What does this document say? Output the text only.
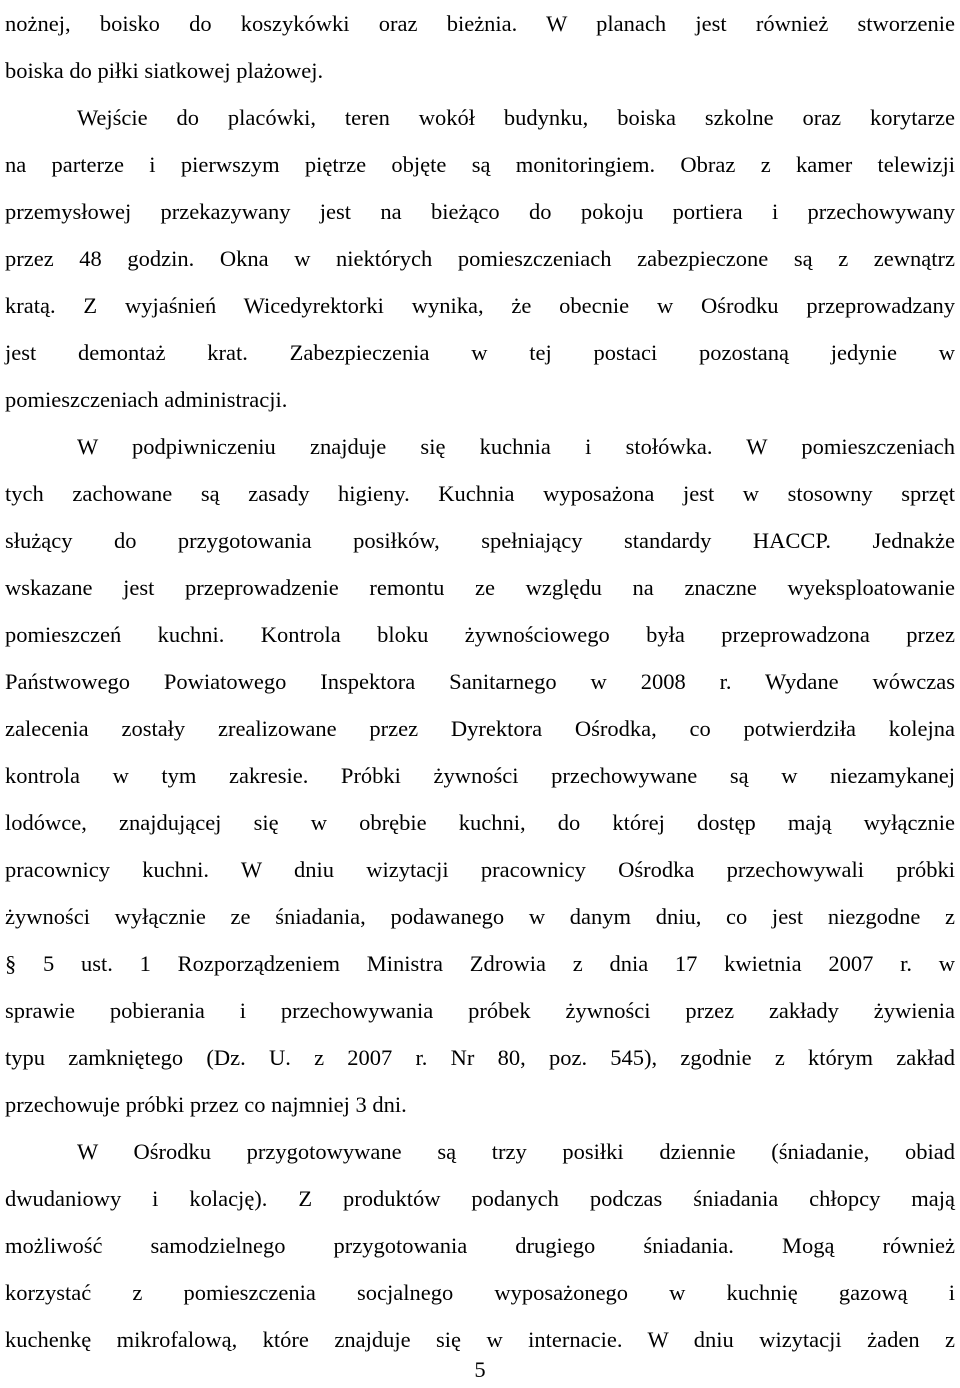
nożnej, boisko do koszykówki oraz bieżnia. W planach jest również stworzenie
boiska do piłki siatkowej plażowej.

Wejście do placówki, teren wokół budynku, boiska szkolne oraz korytarze
na parterze i pierwszym piętrze objęte są monitoringiem. Obraz z kamer telewizji
przemysłowej przekazywany jest na bieżąco do pokoju portiera i przechowywany
przez 48 godzin. Okna w niektórych pomieszczeniach zabezpieczone są z zewnątrz
kratą. Z wyjaśnień Wicedyrektorki wynika, że obecnie w Ośrodku przeprowadzany
jest demontaż krat. Zabezpieczenia w tej postaci pozostaną jedynie w
pomieszczeniach administracji.

W podpiwniczeniu znajduje się kuchnia i stołówka. W pomieszczeniach
tych zachowane są zasady higieny. Kuchnia wyposażona jest w stosowny sprzęt
służący do przygotowania posiłków, spełniający standardy HACCP. Jednakże
wskazane jest przeprowadzenie remontu ze względu na znaczne wyeksploatowanie
pomieszczeń kuchni. Kontrola bloku żywnościowego była przeprowadzona przez
Państwowego Powiatowego Inspektora Sanitarnego w 2008 r. Wydane wówczas
zalecenia zostały zrealizowane przez Dyrektora Ośrodka, co potwierdziła kolejna
kontrola w tym zakresie. Próbki żywności przechowywane są w niezamykanej
lodówce, znajdującej się w obrębie kuchni, do której dostęp mają wyłącznie
pracownicy kuchni. W dniu wizytacji pracownicy Ośrodka przechowywali próbki
żywności wyłącznie ze śniadania, podawanego w danym dniu, co jest niezgodne z
§ 5 ust. 1 Rozporządzeniem Ministra Zdrowia z dnia 17 kwietnia 2007 r. w
sprawie pobierania i przechowywania próbek żywności przez zakłady żywienia
typu zamkniętego (Dz. U. z 2007 r. Nr 80, poz. 545), zgodnie z którym zakład
przechowuje próbki przez co najmniej 3 dni.

W Ośrodku przygotowywane są trzy posiłki dziennie (śniadanie, obiad
dwudaniowy i kolację). Z produktów podanych podczas śniadania chłopcy mają
możliwość samodzielnego przygotowania drugiego śniadania. Mogą również
korzystać z pomieszczenia socjalnego wyposażonego w kuchnię gazową i
kuchenkę mikrofalową, które znajduje się w internacie. W dniu wizytacji żaden z

5
